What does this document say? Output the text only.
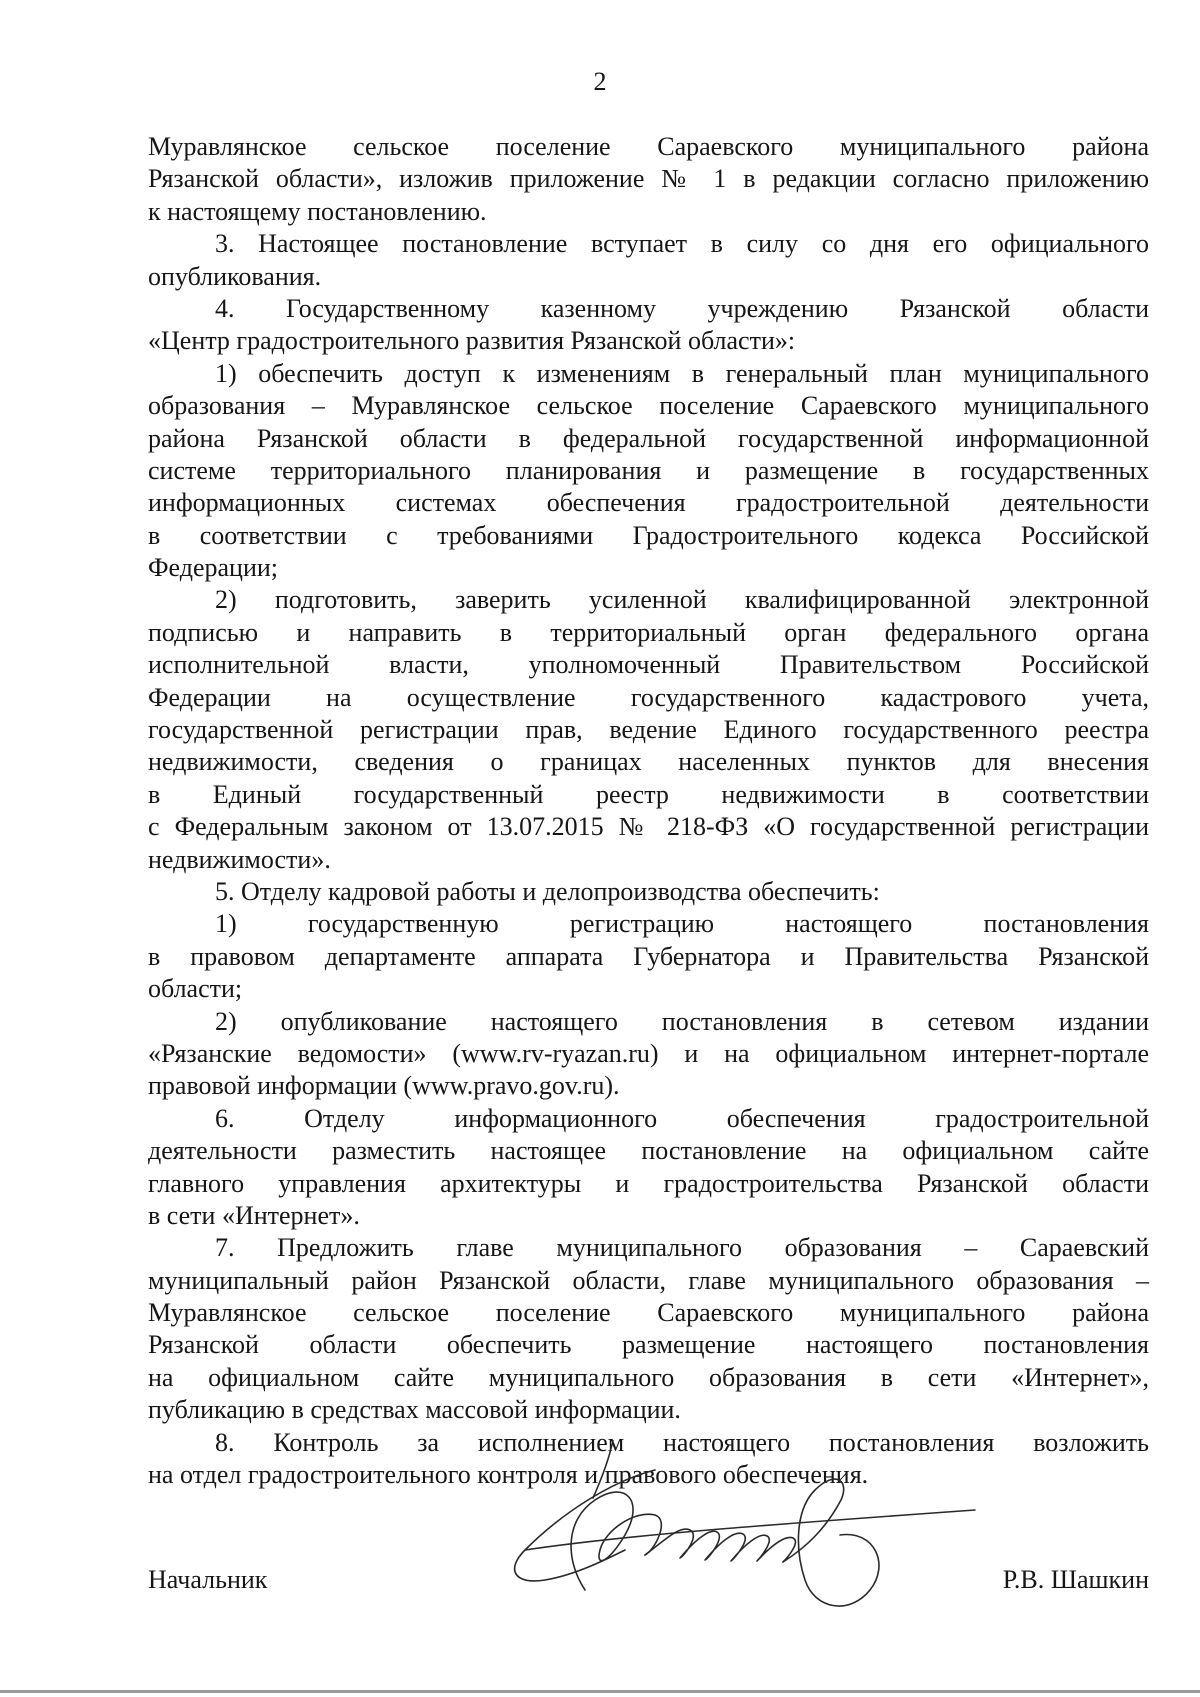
2
Муравлянское сельское поселение Сараевского муниципального района
Рязанской области», изложив приложение № 1 в редакции согласно приложению
к настоящему постановлению.
3. Настоящее постановление вступает в силу со дня его официального
опубликования.
4. Государственному казенному учреждению Рязанской области
«Центр градостроительного развития Рязанской области»:
1) обеспечить доступ к изменениям в генеральный план муниципального
образования – Муравлянское сельское поселение Сараевского муниципального
района Рязанской области в федеральной государственной информационной
системе территориального планирования и размещение в государственных
информационных системах обеспечения градостроительной деятельности
в соответствии с требованиями Градостроительного кодекса Российской
Федерации;
2) подготовить, заверить усиленной квалифицированной электронной
подписью и направить в территориальный орган федерального органа
исполнительной власти, уполномоченный Правительством Российской
Федерации на осуществление государственного кадастрового учета,
государственной регистрации прав, ведение Единого государственного реестра
недвижимости, сведения о границах населенных пунктов для внесения
в Единый государственный реестр недвижимости в соответствии
с Федеральным законом от 13.07.2015 № 218-ФЗ «О государственной регистрации
недвижимости».
5. Отделу кадровой работы и делопроизводства обеспечить:
1) государственную регистрацию настоящего постановления
в правовом департаменте аппарата Губернатора и Правительства Рязанской
области;
2) опубликование настоящего постановления в сетевом издании
«Рязанские ведомости» (www.rv-ryazan.ru) и на официальном интернет-портале
правовой информации (www.pravo.gov.ru).
6. Отделу информационного обеспечения градостроительной
деятельности разместить настоящее постановление на официальном сайте
главного управления архитектуры и градостроительства Рязанской области
в сети «Интернет».
7. Предложить главе муниципального образования – Сараевский
муниципальный район Рязанской области, главе муниципального образования –
Муравлянское сельское поселение Сараевского муниципального района
Рязанской области обеспечить размещение настоящего постановления
на официальном сайте муниципального образования в сети «Интернет»,
публикацию в средствах массовой информации.
8. Контроль за исполнением настоящего постановления возложить
на отдел градостроительного контроля и правового обеспечения.
Начальник	Р.В. Шашкин
